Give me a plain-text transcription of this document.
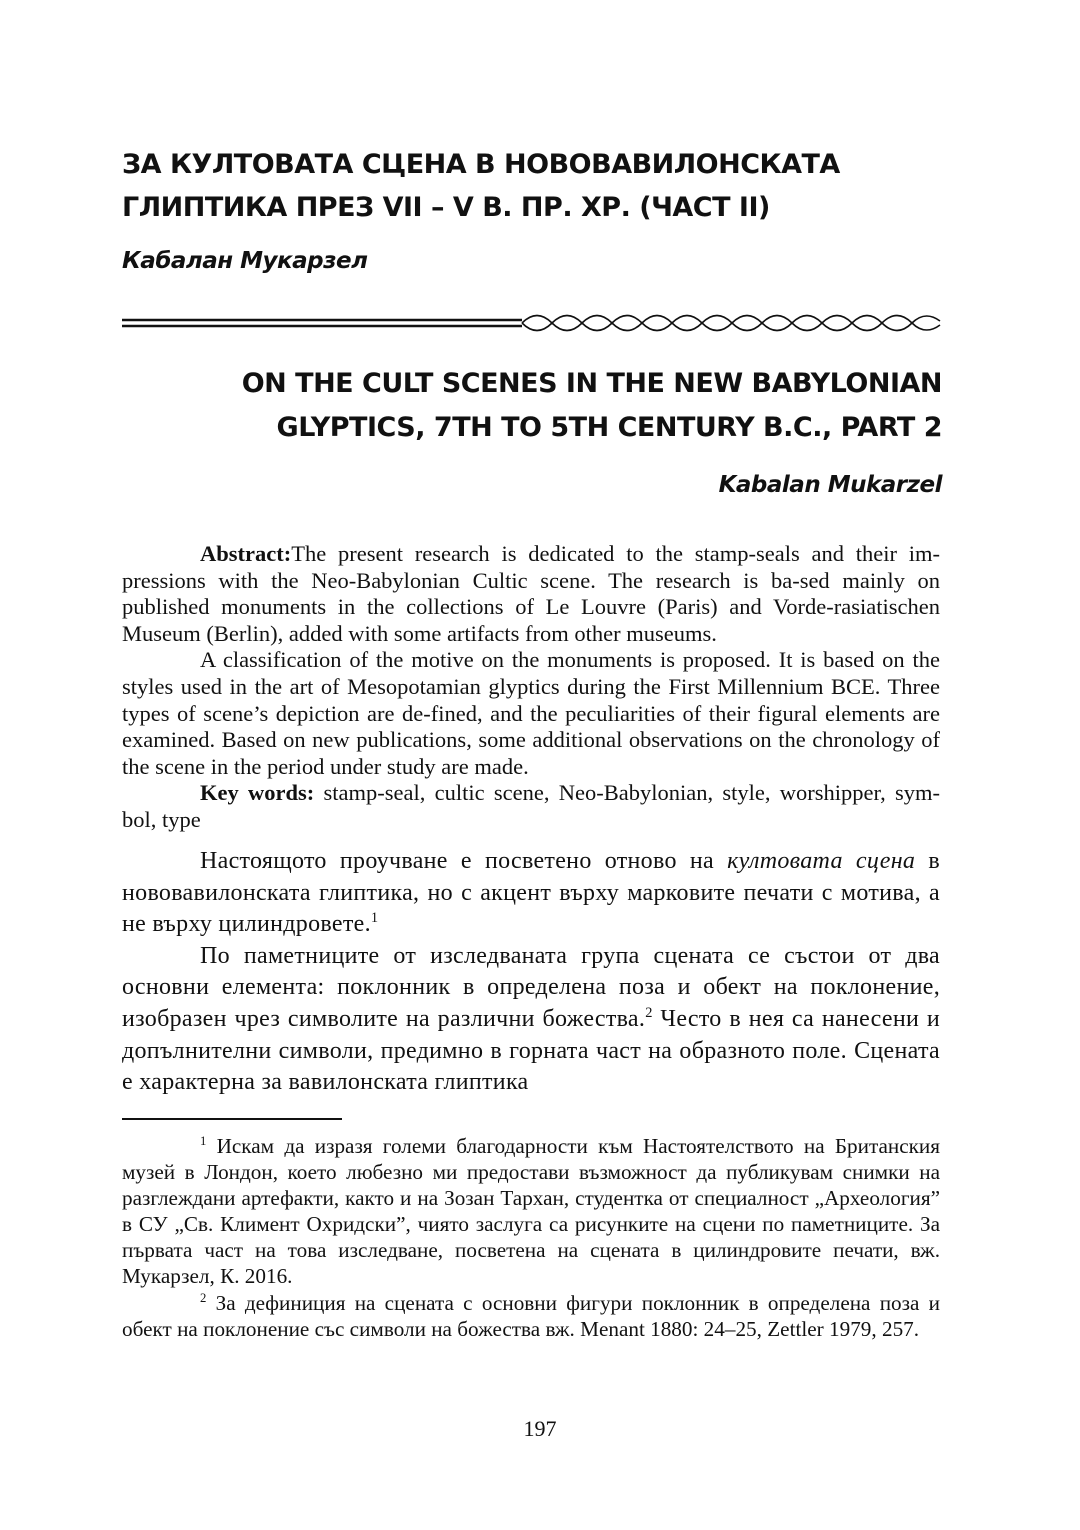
ЗА КУЛТОВАТА СЦЕНА В НОВОВАВИЛОНСКАТА
ГЛИПТИКА ПРЕЗ VII – V В. ПР. ХР. (ЧАСТ II)
Кабалан Мукарзел
ON THE CULT SCENES IN THE NEW BABYLONIAN
GLYPTICS, 7TH TO 5TH CENTURY B.C., PART 2
Kabalan Mukarzel

Abstract:The present research is dedicated to the stamp-seals and their im-pressions with the Neo-Babylonian Cultic scene. The research is ba-sed mainly on published monuments in the collections of Le Louvre (Paris) and Vorde-rasiatischen Museum (Berlin), added with some artifacts from other museums.

A classification of the motive on the monuments is proposed. It is based on the styles used in the art of Mesopotamian glyptics during the First Millennium BCE. Three types of scene’s depiction are de-fined, and the peculiarities of their figural elements are examined. Based on new publications, some additional observations on the chronology of the scene in the period under study are made.

Key words: stamp-seal, cultic scene, Neo-Babylonian, style, worshipper, sym-bol, type

Настоящото проучване е посветено отново на култовата сцена в нововавилонската глиптика, но с акцент върху марковите печати с мотива, а не върху цилиндровете.$^1$

По паметниците от изследваната група сцената се състои от два основни елемента: поклонник в определена поза и обект на поклонение, изобразен чрез символите на различни божества.$^2$ Често в нея са нанесени и допълнителни символи, предимно в горната част на образното поле. Сцената е характерна за вавилонската глиптика

$^1$ Искам да изразя големи благодарности към Настоятелството на Британския музей в Лондон, което любезно ми предостави възможност да публикувам снимки на разглеждани артефакти, както и на Зозан Тархан, студентка от специалност „Археология” в СУ „Св. Климент Охридски”, чиято заслуга са рисунките на сцени по паметниците. За първата част на това изследване, посветена на сцената в цилиндровите печати, вж. Мукарзел, К. 2016.

$^2$ За дефиниция на сцената с основни фигури поклонник в определена поза и обект на поклонение със символи на божества вж. Menant 1880: 24–25, Zettler 1979, 257.

197
